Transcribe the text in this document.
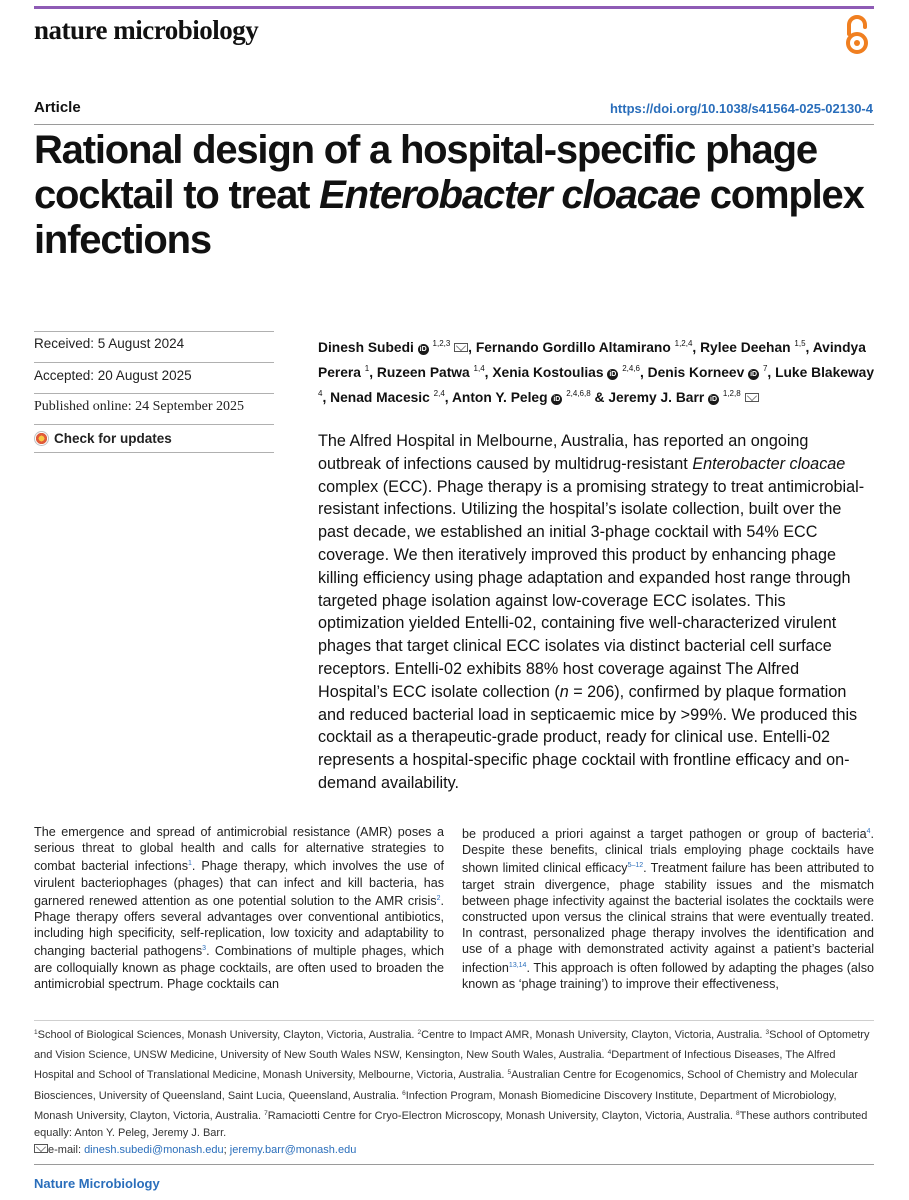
nature microbiology
Article	https://doi.org/10.1038/s41564-025-02130-4
Rational design of a hospital-specific phage cocktail to treat Enterobacter cloacae complex infections
Received: 5 August 2024
Accepted: 20 August 2025
Published online: 24 September 2025
Check for updates
Dinesh Subedi iD $^{1,2,3}$ , Fernando Gordillo Altamirano $^{1,2,4}$, Rylee Deehan $^{1,5}$, Avindya Perera $^1$, Ruzeen Patwa $^{1,4}$, Xenia Kostoulias iD $^{2,4,6}$, Denis Korneev iD $^7$, Luke Blakeway $^4$, Nenad Macesic $^{2,4}$, Anton Y. Peleg iD $^{2,4,6,8}$ & Jeremy J. Barr iD $^{1,2,8}$

The Alfred Hospital in Melbourne, Australia, has reported an ongoing outbreak of infections caused by multidrug-resistant Enterobacter cloacae complex (ECC). Phage therapy is a promising strategy to treat antimicrobial-resistant infections. Utilizing the hospital’s isolate collection, built over the past decade, we established an initial 3-phage cocktail with 54% ECC coverage. We then iteratively improved this product by enhancing phage killing efficiency using phage adaptation and expanded host range through targeted phage isolation against low-coverage ECC isolates. This optimization yielded Entelli-02, containing five well-characterized virulent phages that target clinical ECC isolates via distinct bacterial cell surface receptors. Entelli-02 exhibits 88% host coverage against The Alfred Hospital’s ECC isolate collection (n = 206), confirmed by plaque formation and reduced bacterial load in septicaemic mice by >99%. We produced this cocktail as a therapeutic-grade product, ready for clinical use. Entelli-02 represents a hospital-specific phage cocktail with frontline efficacy and on-demand availability.

The emergence and spread of antimicrobial resistance (AMR) poses a serious threat to global health and calls for alternative strategies to combat bacterial infections$^1$. Phage therapy, which involves the use of virulent bacteriophages (phages) that can infect and kill bacteria, has garnered renewed attention as one potential solution to the AMR crisis$^2$. Phage therapy offers several advantages over conventional antibiotics, including high specificity, self-replication, low toxicity and adaptability to changing bacterial pathogens$^3$. Combinations of multiple phages, which are colloquially known as phage cocktails, are often used to broaden the antimicrobial spectrum. Phage cocktails can

be produced a priori against a target pathogen or group of bacteria$^4$. Despite these benefits, clinical trials employing phage cocktails have shown limited clinical efficacy$^{5-12}$. Treatment failure has been attributed to target strain divergence, phage stability issues and the mismatch between phage infectivity against the bacterial isolates the cocktails were constructed upon versus the clinical strains that were eventually treated. In contrast, personalized phage therapy involves the identification and use of a phage with demonstrated activity against a patient’s bacterial infection$^{13,14}$. This approach is often followed by adapting the phages (also known as ‘phage training’) to improve their effectiveness,

$^1$School of Biological Sciences, Monash University, Clayton, Victoria, Australia. $^2$Centre to Impact AMR, Monash University, Clayton, Victoria, Australia. $^3$School of Optometry and Vision Science, UNSW Medicine, University of New South Wales NSW, Kensington, New South Wales, Australia. $^4$Department of Infectious Diseases, The Alfred Hospital and School of Translational Medicine, Monash University, Melbourne, Victoria, Australia. $^5$Australian Centre for Ecogenomics, School of Chemistry and Molecular Biosciences, University of Queensland, Saint Lucia, Queensland, Australia. $^6$Infection Program, Monash Biomedicine Discovery Institute, Department of Microbiology, Monash University, Clayton, Victoria, Australia. $^7$Ramaciotti Centre for Cryo-Electron Microscopy, Monash University, Clayton, Victoria, Australia. $^8$These authors contributed equally: Anton Y. Peleg, Jeremy J. Barr.
e-mail: dinesh.subedi@monash.edu; jeremy.barr@monash.edu

Nature Microbiology
